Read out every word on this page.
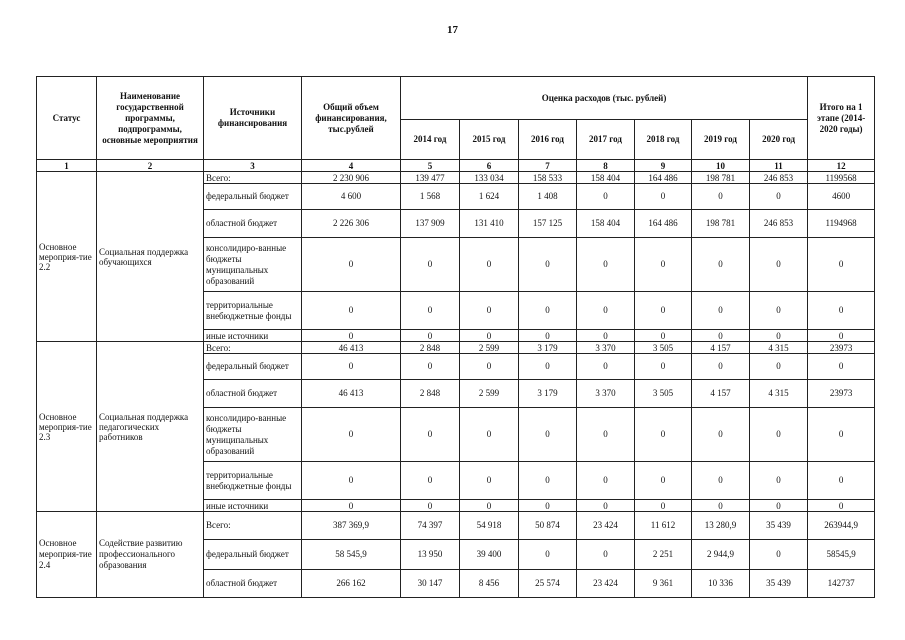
17
Статус	Наименование государственной программы, подпрограммы, основные мероприятия	Источники финансирования	Общий объем финансирования, тыс.рублей	Оценка расходов (тыс. рублей)							Итого на 1 этапе (2014-2020 годы)
				2014 год	2015 год	2016 год	2017 год	2018 год	2019 год	2020 год	
1	2	3	4	5	6	7	8	9	10	11	12
Основное мероприя-тие 2.2	Социальная поддержка обучающихся	Всего:	2 230 906	139 477	133 034	158 533	158 404	164 486	198 781	246 853	1199568
		федеральный бюджет	4 600	1 568	1 624	1 408	0	0	0	0	4600
		областной бюджет	2 226 306	137 909	131 410	157 125	158 404	164 486	198 781	246 853	1194968
		консолидиро-ванные бюджеты муниципальных образований	0	0	0	0	0	0	0	0	0
		территориальные внебюджетные фонды	0	0	0	0	0	0	0	0	0
		иные источники	0	0	0	0	0	0	0	0	0
Основное мероприя-тие 2.3	Социальная поддержка педагогических работников	Всего:	46 413	2 848	2 599	3 179	3 370	3 505	4 157	4 315	23973
		федеральный бюджет	0	0	0	0	0	0	0	0	0
		областной бюджет	46 413	2 848	2 599	3 179	3 370	3 505	4 157	4 315	23973
		консолидиро-ванные бюджеты муниципальных образований	0	0	0	0	0	0	0	0	0
		территориальные внебюджетные фонды	0	0	0	0	0	0	0	0	0
		иные источники	0	0	0	0	0	0	0	0	0
Основное мероприя-тие 2.4	Содействие развитию профессионального образования	Всего:	387 369,9	74 397	54 918	50 874	23 424	11 612	13 280,9	35 439	263944,9
		федеральный бюджет	58 545,9	13 950	39 400	0	0	2 251	2 944,9	0	58545,9
		областной бюджет	266 162	30 147	8 456	25 574	23 424	9 361	10 336	35 439	142737
